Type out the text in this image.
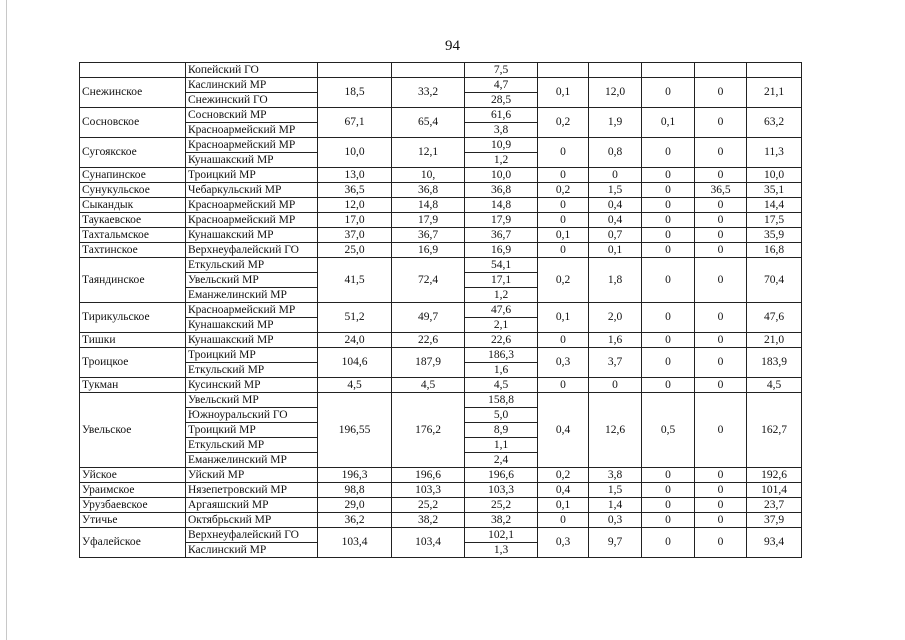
94
	Копейский ГО			7,5					
Снежинское	Каслинский МР	18,5	33,2	4,7	0,1	12,0	0	0	21,1
	Снежинский ГО			28,5					
Сосновское	Сосновский МР	67,1	65,4	61,6	0,2	1,9	0,1	0	63,2
	Красноармейский МР			3,8					
Сугоякское	Красноармейский МР	10,0	12,1	10,9	0	0,8	0	0	11,3
	Кунашакский МР			1,2					
Сунапинское	Троицкий МР	13,0	10,	10,0	0	0	0	0	10,0
Сунукульское	Чебаркульский МР	36,5	36,8	36,8	0,2	1,5	0	36,5	35,1
Сыкандык	Красноармейский МР	12,0	14,8	14,8	0	0,4	0	0	14,4
Таукаевское	Красноармейский МР	17,0	17,9	17,9	0	0,4	0	0	17,5
Тахтальмское	Кунашакский МР	37,0	36,7	36,7	0,1	0,7	0	0	35,9
Тахтинское	Верхнеуфалейский ГО	25,0	16,9	16,9	0	0,1	0	0	16,8
Таяндинское	Еткульский МР	41,5	72,4	54,1	0,2	1,8	0	0	70,4
	Увельский МР			17,1					
	Еманжелинский МР			1,2					
Тирикульское	Красноармейский МР	51,2	49,7	47,6	0,1	2,0	0	0	47,6
	Кунашакский МР			2,1					
Тишки	Кунашакский МР	24,0	22,6	22,6	0	1,6	0	0	21,0
Троицкое	Троицкий МР	104,6	187,9	186,3	0,3	3,7	0	0	183,9
	Еткульский МР			1,6					
Тукман	Кусинский МР	4,5	4,5	4,5	0	0	0	0	4,5
Увельское	Увельский МР	196,55	176,2	158,8	0,4	12,6	0,5	0	162,7
	Южноуральский ГО			5,0					
	Троицкий МР			8,9					
	Еткульский МР			1,1					
	Еманжелинский МР			2,4					
Уйское	Уйский МР	196,3	196,6	196,6	0,2	3,8	0	0	192,6
Ураимское	Нязепетровский МР	98,8	103,3	103,3	0,4	1,5	0	0	101,4
Урузбаевское	Аргаяшский МР	29,0	25,2	25,2	0,1	1,4	0	0	23,7
Утичье	Октябрьский МР	36,2	38,2	38,2	0	0,3	0	0	37,9
Уфалейское	Верхнеуфалейский ГО	103,4	103,4	102,1	0,3	9,7	0	0	93,4
	Каслинский МР			1,3					
